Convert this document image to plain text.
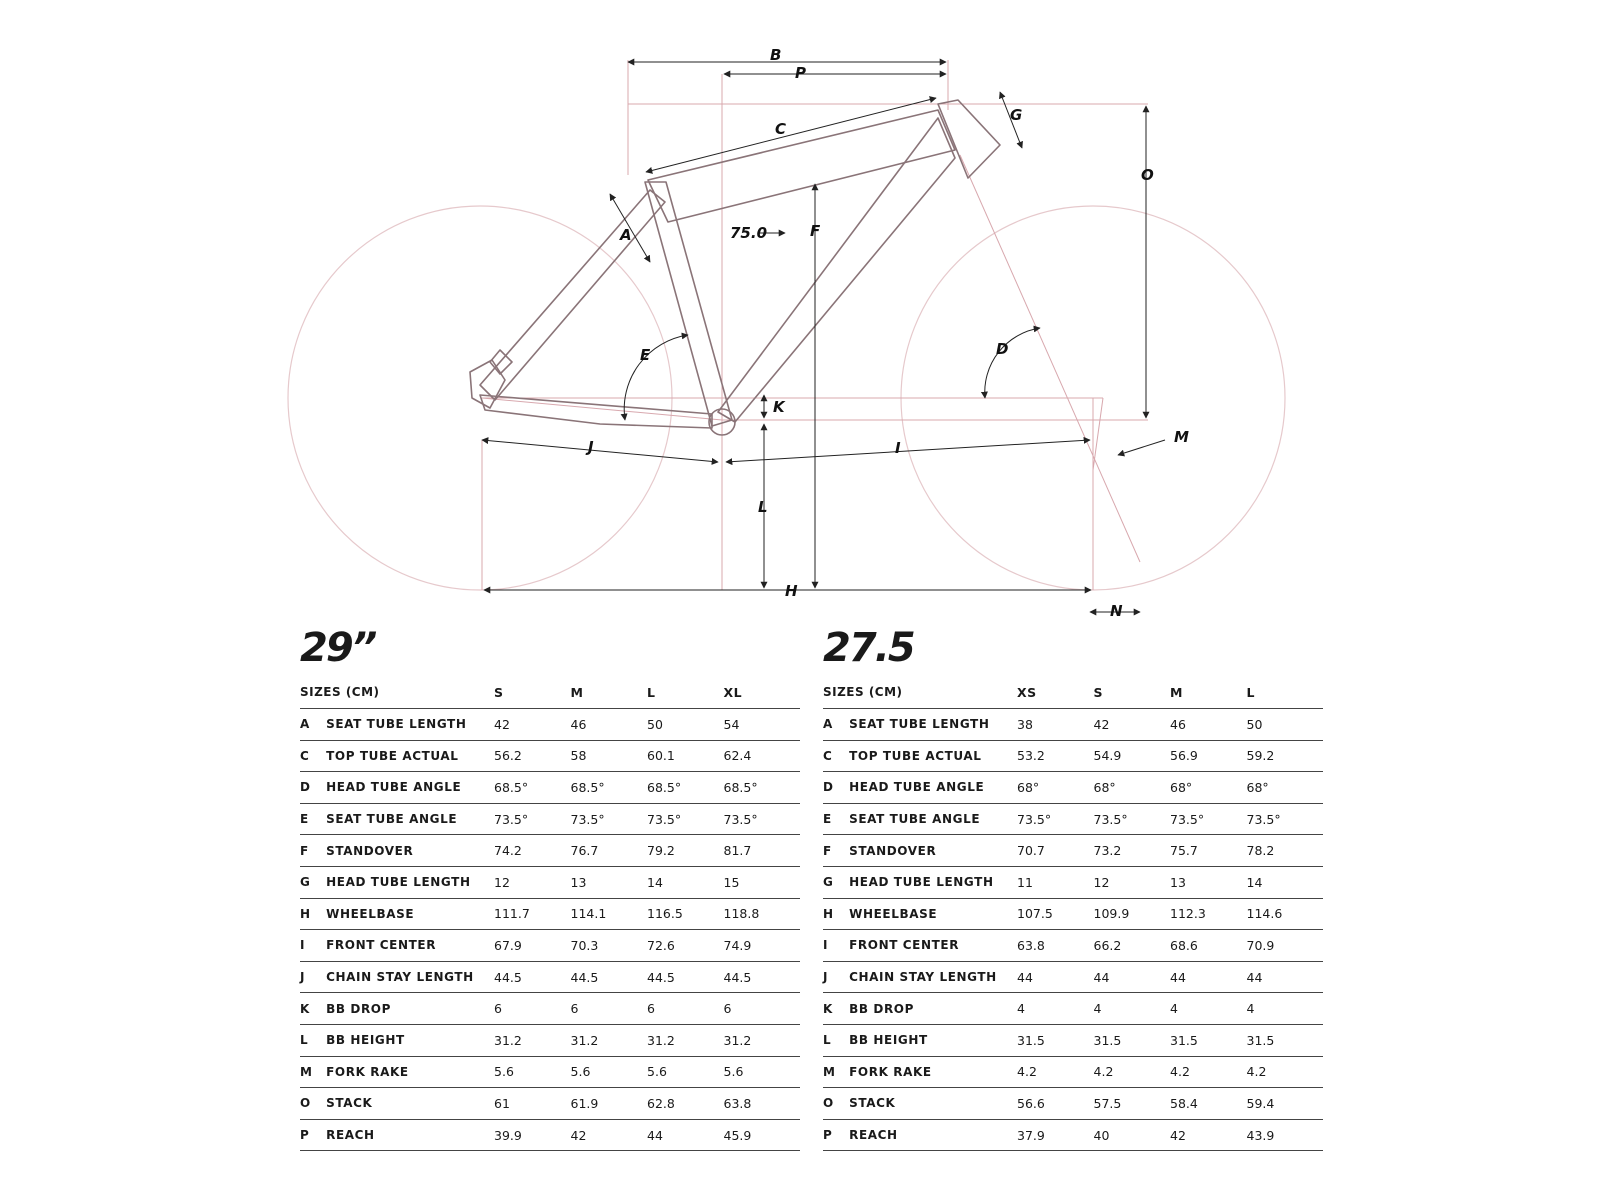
B
P
C
G
O
A	75.0	F
E	D
K
J	I
M
L
H
N
29”
SIZES (CM)	S	M	L	XL
A	SEAT TUBE LENGTH	42	46	50	54
C	TOP TUBE ACTUAL	56.2	58	60.1	62.4
D	HEAD TUBE ANGLE	68.5°	68.5°	68.5°	68.5°
E	SEAT TUBE ANGLE	73.5°	73.5°	73.5°	73.5°
F	STANDOVER	74.2	76.7	79.2	81.7
G	HEAD TUBE LENGTH	12	13	14	15
H	WHEELBASE	111.7	114.1	116.5	118.8
I	FRONT CENTER	67.9	70.3	72.6	74.9
J	CHAIN STAY LENGTH	44.5	44.5	44.5	44.5
K	BB DROP	6	6	6	6
L	BB HEIGHT	31.2	31.2	31.2	31.2
M	FORK RAKE	5.6	5.6	5.6	5.6
O	STACK	61	61.9	62.8	63.8
P	REACH	39.9	42	44	45.9
27.5
SIZES (CM)	XS	S	M	L
A	SEAT TUBE LENGTH	38	42	46	50
C	TOP TUBE ACTUAL	53.2	54.9	56.9	59.2
D	HEAD TUBE ANGLE	68°	68°	68°	68°
E	SEAT TUBE ANGLE	73.5°	73.5°	73.5°	73.5°
F	STANDOVER	70.7	73.2	75.7	78.2
G	HEAD TUBE LENGTH	11	12	13	14
H	WHEELBASE	107.5	109.9	112.3	114.6
I	FRONT CENTER	63.8	66.2	68.6	70.9
J	CHAIN STAY LENGTH	44	44	44	44
K	BB DROP	4	4	4	4
L	BB HEIGHT	31.5	31.5	31.5	31.5
M	FORK RAKE	4.2	4.2	4.2	4.2
O	STACK	56.6	57.5	58.4	59.4
P	REACH	37.9	40	42	43.9
